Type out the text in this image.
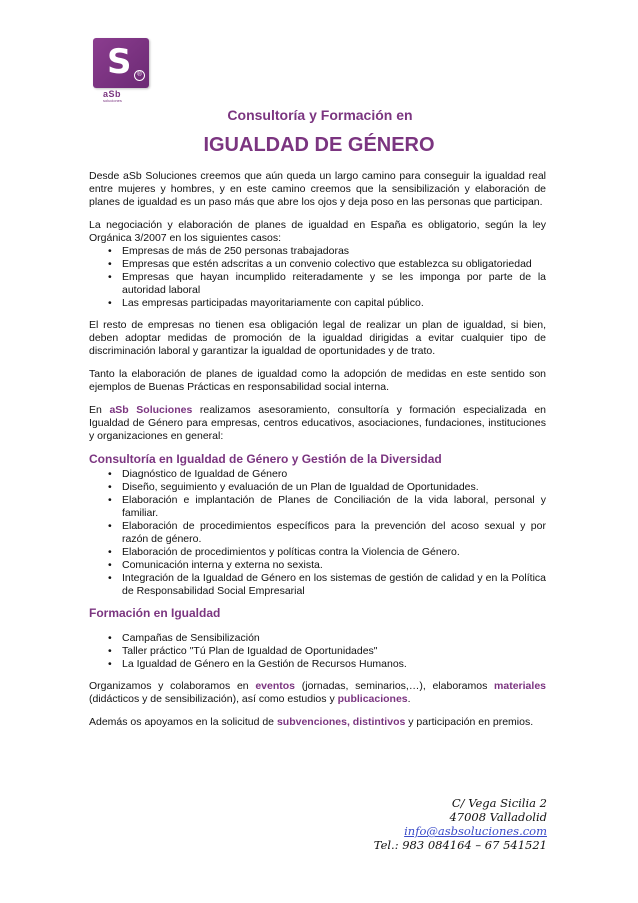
S ®
aSb
soluciones
Consultoría y Formación en
IGUALDAD DE GÉNERO

Desde aSb Soluciones creemos que aún queda un largo camino para conseguir la igualdad real entre mujeres y hombres, y en este camino creemos que la sensibilización y elaboración de planes de igualdad es un paso más que abre los ojos y deja poso en las personas que participan.

La negociación y elaboración de planes de igualdad en España es obligatorio, según la ley Orgánica 3/2007 en los siguientes casos:

• Empresas de más de 250 personas trabajadoras
• Empresas que estén adscritas a un convenio colectivo que establezca su obligatoriedad
• Empresas que hayan incumplido reiteradamente y se les imponga por parte de la autoridad laboral
• Las empresas participadas mayoritariamente con capital público.

El resto de empresas no tienen esa obligación legal de realizar un plan de igualdad, si bien, deben adoptar medidas de promoción de la igualdad dirigidas a evitar cualquier tipo de discriminación laboral y garantizar la igualdad de oportunidades y de trato.

Tanto la elaboración de planes de igualdad como la adopción de medidas en este sentido son ejemplos de Buenas Prácticas en responsabilidad social interna.

En aSb Soluciones realizamos asesoramiento, consultoría y formación especializada en Igualdad de Género para empresas, centros educativos, asociaciones, fundaciones, instituciones y organizaciones en general:

Consultoría en Igualdad de Género y Gestión de la Diversidad
• Diagnóstico de Igualdad de Género
• Diseño, seguimiento y evaluación de un Plan de Igualdad de Oportunidades.
• Elaboración e implantación de Planes de Conciliación de la vida laboral, personal y familiar.
• Elaboración de procedimientos específicos para la prevención del acoso sexual y por razón de género.
• Elaboración de procedimientos y políticas contra la Violencia de Género.
• Comunicación interna y externa no sexista.
• Integración de la Igualdad de Género en los sistemas de gestión de calidad y en la Política de Responsabilidad Social Empresarial
Formación en Igualdad
• Campañas de Sensibilización
• Taller práctico "Tú Plan de Igualdad de Oportunidades"
• La Igualdad de Género en la Gestión de Recursos Humanos.

Organizamos y colaboramos en eventos (jornadas, seminarios,…), elaboramos materiales (didácticos y de sensibilización), así como estudios y publicaciones.

Además os apoyamos en la solicitud de subvenciones, distintivos y participación en premios.

C/ Vega Sicilia 2
47008 Valladolid
info@asbsoluciones.com
Tel.: 983 084164 – 67 541521
